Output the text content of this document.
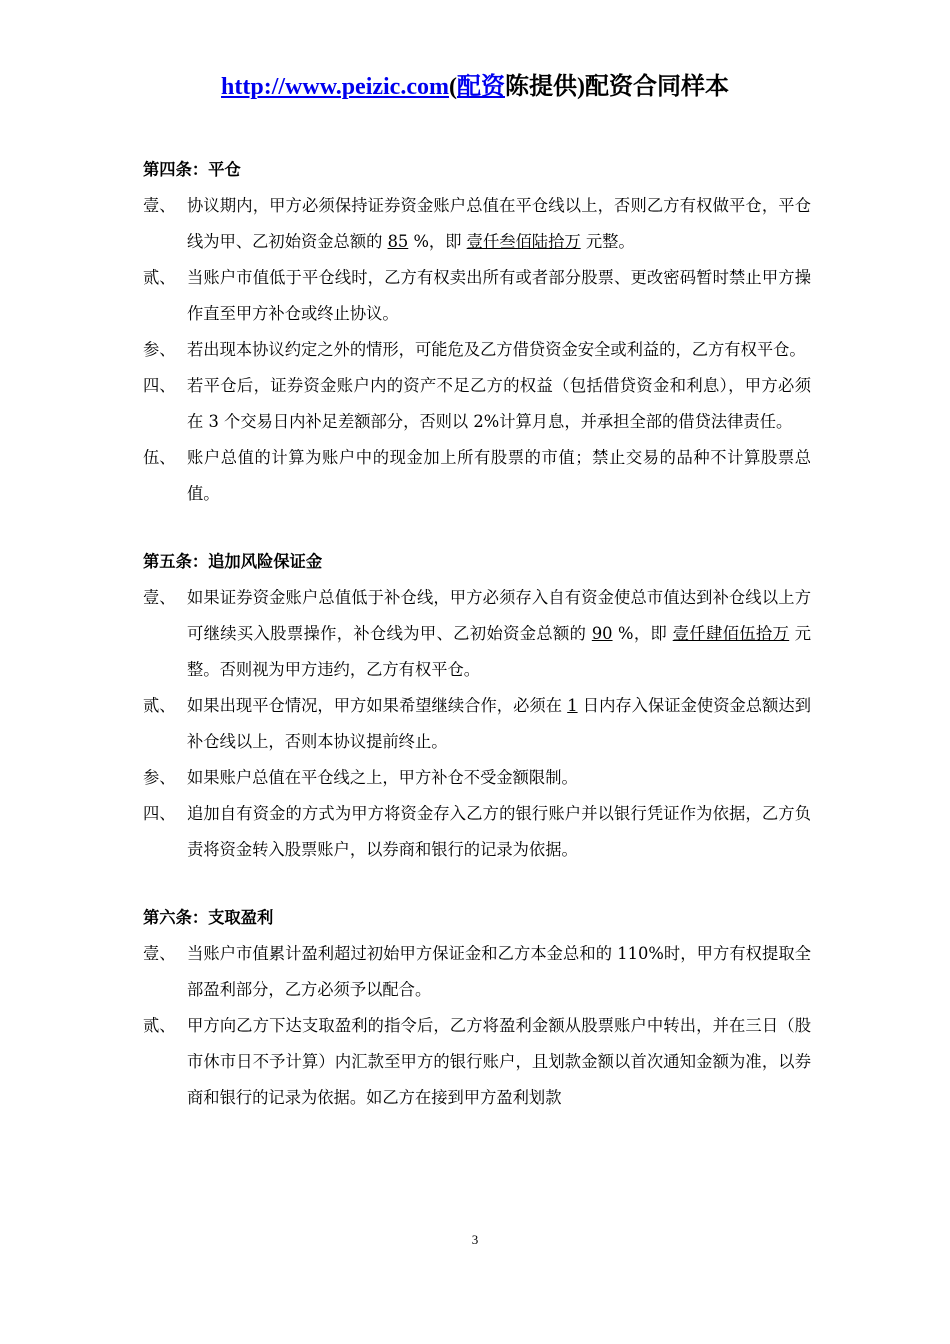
http://www.peizic.com(配资陈提供)配资合同样本
第四条：平仓
壹、 协议期内，甲方必须保持证券资金账户总值在平仓线以上，否则乙方有权做平仓，平仓线为甲、乙初始资金总额的 85 %，即 壹仟叁佰陆拾万 元整。
贰、 当账户市值低于平仓线时，乙方有权卖出所有或者部分股票、更改密码暂时禁止甲方操作直至甲方补仓或终止协议。
参、 若出现本协议约定之外的情形，可能危及乙方借贷资金安全或利益的，乙方有权平仓。
四、 若平仓后，证券资金账户内的资产不足乙方的权益（包括借贷资金和利息），甲方必须在 3 个交易日内补足差额部分，否则以 2%计算月息，并承担全部的借贷法律责任。
伍、 账户总值的计算为账户中的现金加上所有股票的市值；禁止交易的品种不计算股票总值。
第五条：追加风险保证金
壹、 如果证券资金账户总值低于补仓线，甲方必须存入自有资金使总市值达到补仓线以上方可继续买入股票操作，补仓线为甲、乙初始资金总额的 90 %，即 壹仟肆佰伍拾万 元整。否则视为甲方违约，乙方有权平仓。
贰、 如果出现平仓情况，甲方如果希望继续合作，必须在 1 日内存入保证金使资金总额达到补仓线以上，否则本协议提前终止。
参、 如果账户总值在平仓线之上，甲方补仓不受金额限制。
四、 追加自有资金的方式为甲方将资金存入乙方的银行账户并以银行凭证作为依据，乙方负责将资金转入股票账户，以券商和银行的记录为依据。
第六条：支取盈利
壹、 当账户市值累计盈利超过初始甲方保证金和乙方本金总和的 110%时，甲方有权提取全部盈利部分，乙方必须予以配合。
贰、 甲方向乙方下达支取盈利的指令后，乙方将盈利金额从股票账户中转出，并在三日（股市休市日不予计算）内汇款至甲方的银行账户，且划款金额以首次通知金额为准，以券商和银行的记录为依据。如乙方在接到甲方盈利划款
3
